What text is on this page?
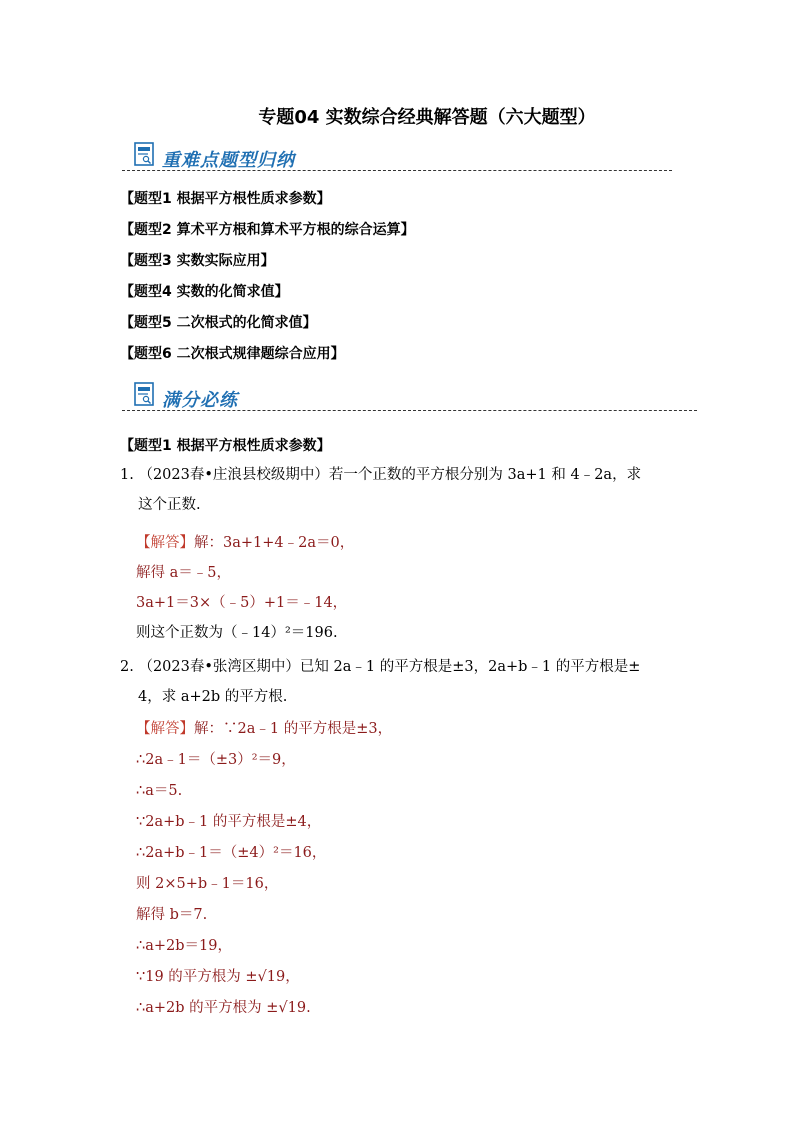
专题04 实数综合经典解答题（六大题型）
重难点题型归纳
【题型1 根据平方根性质求参数】
【题型2 算术平方根和算术平方根的综合运算】
【题型3 实数实际应用】
【题型4 实数的化简求值】
【题型5 二次根式的化简求值】
【题型6 二次根式规律题综合应用】
满分必练
【题型1 根据平方根性质求参数】
1. （2023春•庄浪县校级期中）若一个正数的平方根分别为 3a+1 和 4﹣2a，求
这个正数.
【解答】解：3a+1+4﹣2a＝0，
解得 a＝﹣5，
3a+1＝3×（﹣5）+1＝﹣14，
则这个正数为（﹣14）²＝196.
2. （2023春•张湾区期中）已知 2a﹣1 的平方根是±3，2a+b﹣1 的平方根是±
4，求 a+2b 的平方根.
【解答】解：∵2a﹣1 的平方根是±3，
∴2a﹣1＝（±3）²＝9，
∴a＝5.
∵2a+b﹣1 的平方根是±4，
∴2a+b﹣1＝（±4）²＝16，
则 2×5+b﹣1＝16，
解得 b＝7.
∴a+2b＝19，
∵19 的平方根为 ±√19，
∴a+2b 的平方根为 ±√19.
